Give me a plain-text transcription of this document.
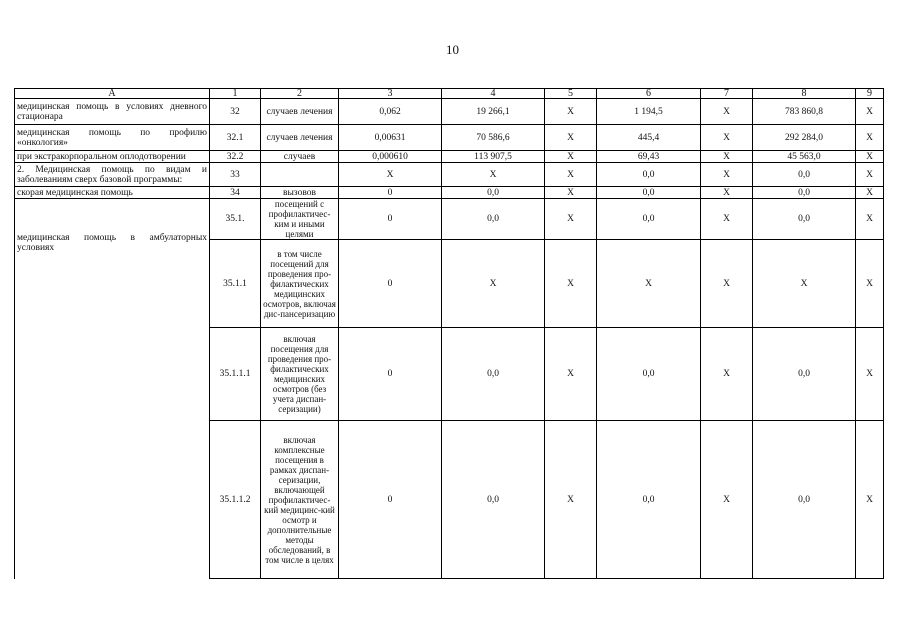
10
А	1	2	3	4	5	6	7	8	9
медицинская помощь в условиях дневного стационара	32	случаев лечения	0,062	19 266,1	Х	1 194,5	Х	783 860,8	Х
медицинская помощь по профилю «онкология»	32.1	случаев лечения	0,00631	70 586,6	Х	445,4	Х	292 284,0	Х
при экстракорпоральном оплодотворении	32.2	случаев	0,000610	113 907,5	Х	69,43	Х	45 563,0	Х
2. Медицинская помощь по видам и заболеваниям сверх базовой программы:	33		Х	Х	Х	0,0	Х	0,0	Х
скорая медицинская помощь	34	вызовов	0	0,0	Х	0,0	Х	0,0	Х
медицинская помощь в амбулаторных условиях	35.1.	посещений с профилактичес-ким и иными целями	0	0,0	Х	0,0	Х	0,0	Х
	35.1.1	в том числе посещений для проведения про-филактических медицинских осмотров, включая дис-пансеризацию	0	Х	Х	Х	Х	Х	Х
	35.1.1.1	включая посещения для проведения про-филактических медицинских осмотров (без учета диспан-серизации)	0	0,0	Х	0,0	Х	0,0	Х
	35.1.1.2	включая комплексные посещения в рамках диспан-серизации, включающей профилактичес-кий медицинс-кий осмотр и дополнительные методы обследований, в том числе в целях	0	0,0	Х	0,0	Х	0,0	Х
